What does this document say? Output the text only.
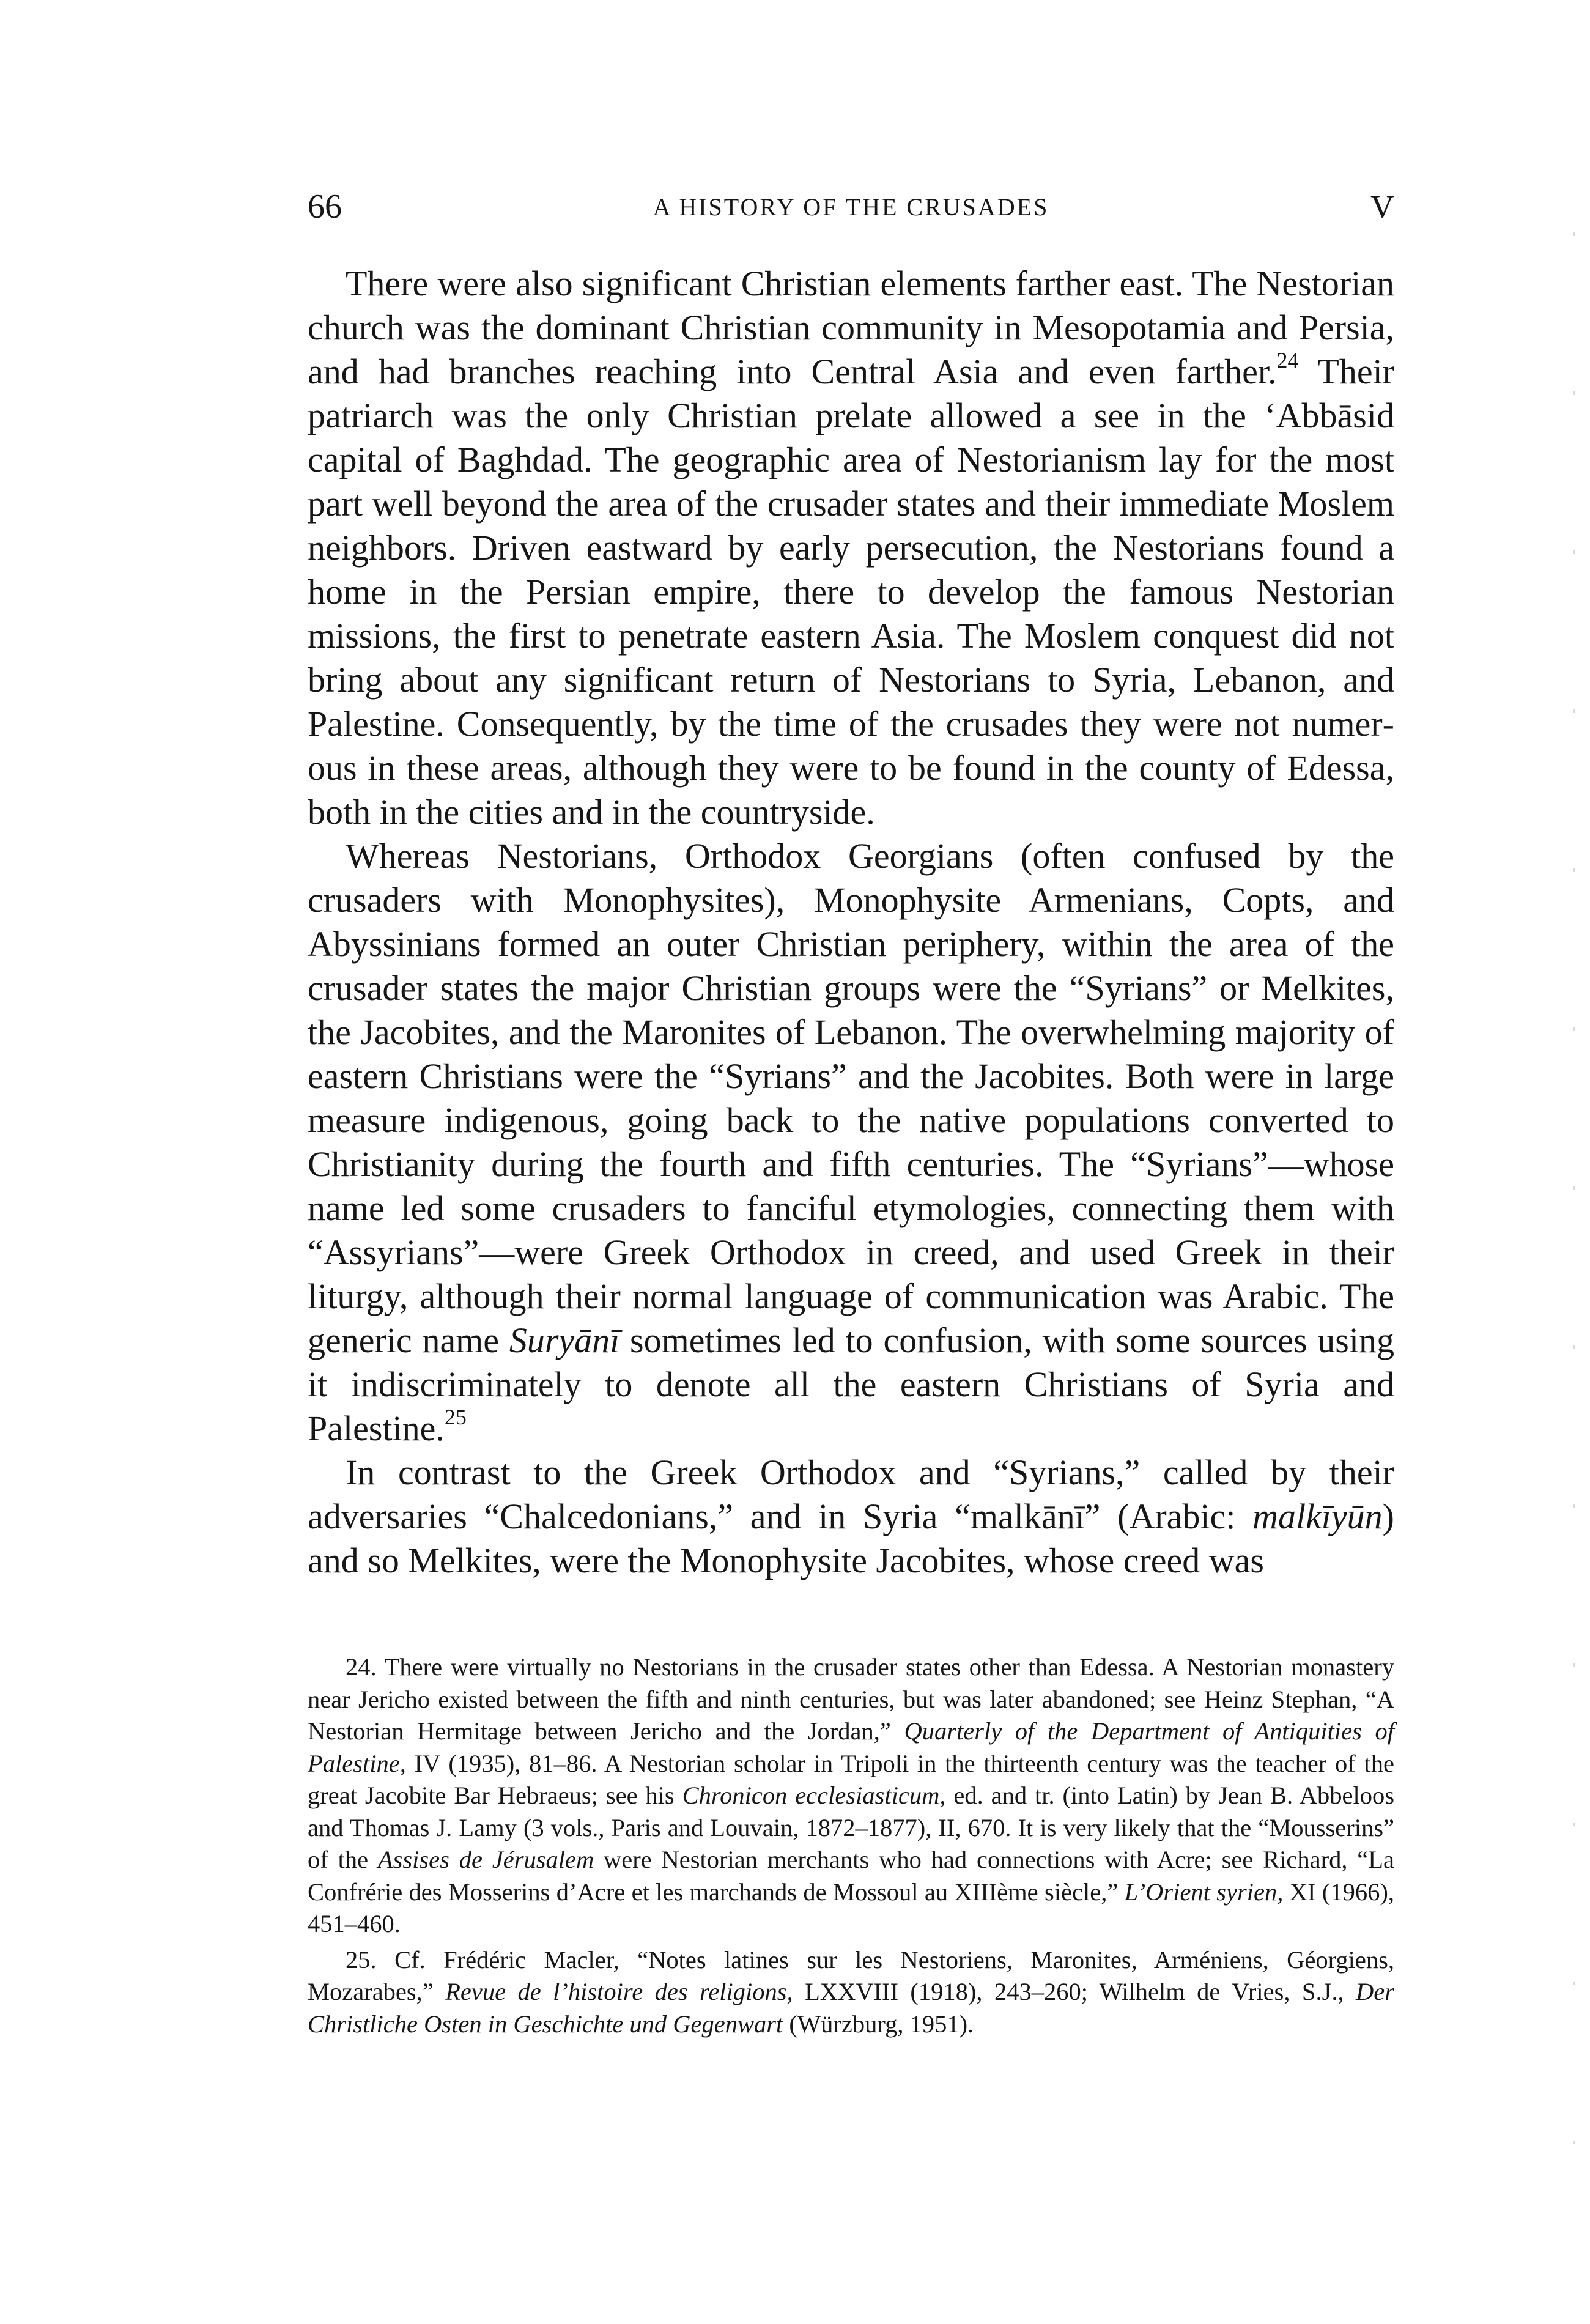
66	A HISTORY OF THE CRUSADES	V

There were also significant Christian elements farther east. The Nestorian church was the dominant Christian community in Mesopotamia and Persia, and had branches reaching into Central Asia and even farther.$^{24}$ Their patriarch was the only Christian prelate allowed a see in the ‘Abbāsid capital of Baghdad. The geographic area of Nestorianism lay for the most part well beyond the area of the crusader states and their immediate Moslem neighbors. Driven eastward by early persecution, the Nestorians found a home in the Persian empire, there to develop the famous Nestorian missions, the first to penetrate eastern Asia. The Moslem conquest did not bring about any significant return of Nestorians to Syria, Lebanon, and Palestine. Consequently, by the time of the crusades they were not numerous in these areas, although they were to be found in the county of Edessa, both in the cities and in the countryside.

Whereas Nestorians, Orthodox Georgians (often confused by the crusaders with Monophysites), Monophysite Armenians, Copts, and Abyssinians formed an outer Christian periphery, within the area of the crusader states the major Christian groups were the “Syrians” or Melkites, the Jacobites, and the Maronites of Lebanon. The overwhelming majority of eastern Christians were the “Syrians” and the Jacobites. Both were in large measure indigenous, going back to the native populations converted to Christianity during the fourth and fifth centuries. The “Syrians”—whose name led some crusaders to fanciful etymologies, connecting them with “Assyrians”—were Greek Orthodox in creed, and used Greek in their liturgy, although their normal language of communication was Arabic. The generic name Suryānī sometimes led to confusion, with some sources using it indiscriminately to denote all the eastern Christians of Syria and Palestine.$^{25}$

In contrast to the Greek Orthodox and “Syrians,” called by their adversaries “Chalcedonians,” and in Syria “malkānī” (Arabic: malkīyūn) and so Melkites, were the Monophysite Jacobites, whose creed was

24. There were virtually no Nestorians in the crusader states other than Edessa. A Nestorian monastery near Jericho existed between the fifth and ninth centuries, but was later abandoned; see Heinz Stephan, “A Nestorian Hermitage between Jericho and the Jordan,” Quarterly of the Department of Antiquities of Palestine, IV (1935), 81–86. A Nestorian scholar in Tripoli in the thirteenth century was the teacher of the great Jacobite Bar Hebraeus; see his Chronicon ecclesiasticum, ed. and tr. (into Latin) by Jean B. Abbeloos and Thomas J. Lamy (3 vols., Paris and Louvain, 1872–1877), II, 670. It is very likely that the “Mousserins” of the Assises de Jérusalem were Nestorian merchants who had connections with Acre; see Richard, “La Confrérie des Mosserins d’Acre et les marchands de Mossoul au XIIIème siècle,” L’Orient syrien, XI (1966), 451–460.

25. Cf. Frédéric Macler, “Notes latines sur les Nestoriens, Maronites, Arméniens, Géorgiens, Mozarabes,” Revue de l’histoire des religions, LXXVIII (1918), 243–260; Wilhelm de Vries, S.J., Der Christliche Osten in Geschichte und Gegenwart (Würzburg, 1951).
